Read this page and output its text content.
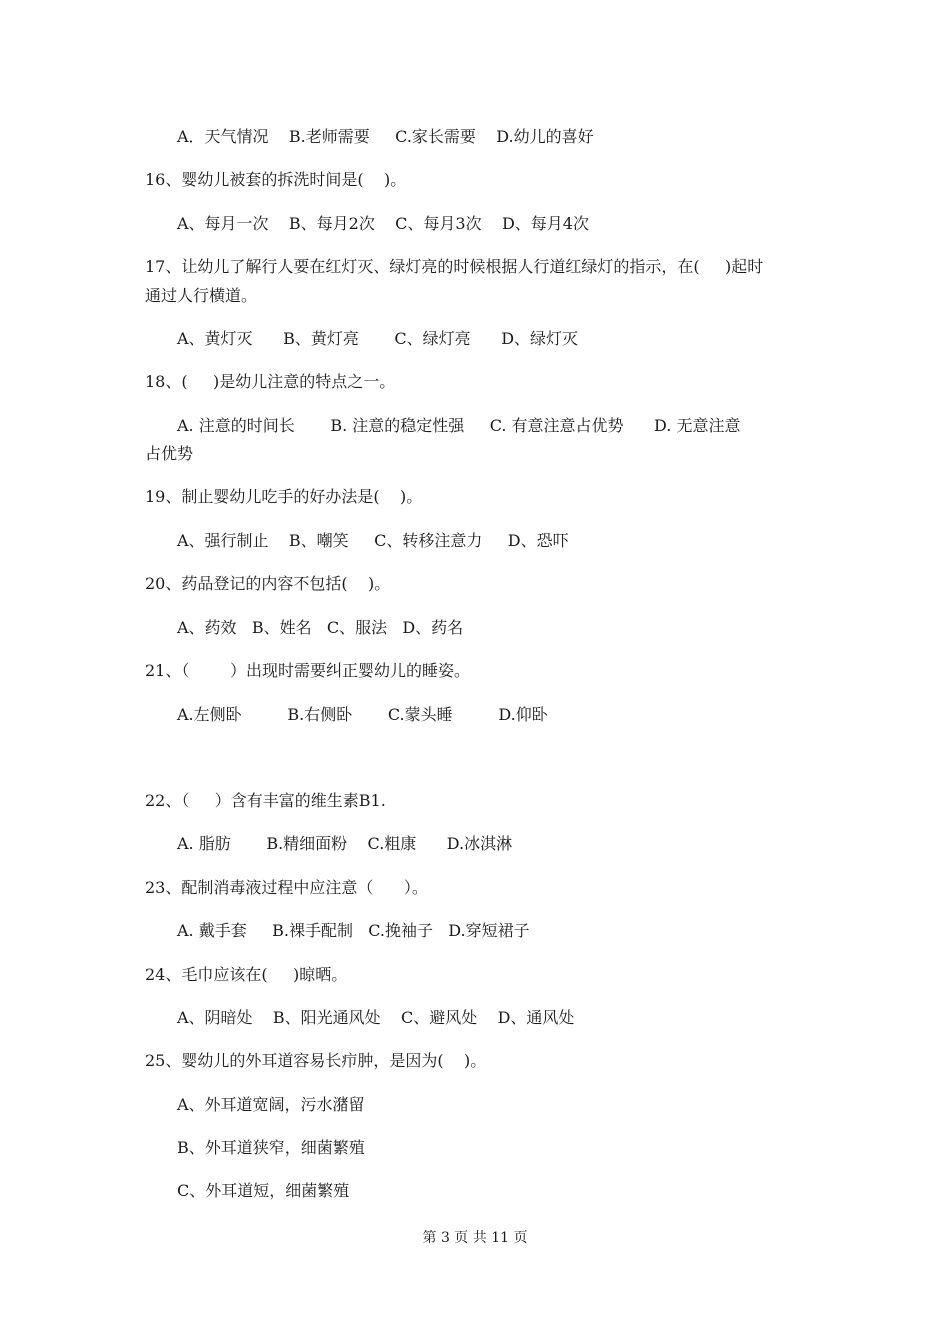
A．天气情况    B.老师需要     C.家长需要    D.幼儿的喜好
16、婴幼儿被套的拆洗时间是(    )。
A、每月一次    B、每月2次    C、每月3次    D、每月4次
17、让幼儿了解行人要在红灯灭、绿灯亮的时候根据人行道红绿灯的指示，在(     )起时
通过人行横道。
A、黄灯灭      B、黄灯亮       C、绿灯亮      D、绿灯灭
18、(     )是幼儿注意的特点之一。
A. 注意的时间长       B. 注意的稳定性强     C. 有意注意占优势      D. 无意注意
占优势
19、制止婴幼儿吃手的好办法是(    )。
A、强行制止    B、嘲笑     C、转移注意力     D、恐吓
20、药品登记的内容不包括(    )。
A、药效   B、姓名   C、服法   D、药名
21、（        ）出现时需要纠正婴幼儿的睡姿。
A.左侧卧         B.右侧卧       C.蒙头睡         D.仰卧
22、（     ）含有丰富的维生素B1.
A. 脂肪       B.精细面粉    C.粗康      D.冰淇淋
23、配制消毒液过程中应注意（      ）。
A. 戴手套     B.裸手配制   C.挽袖子   D.穿短裙子
24、毛巾应该在(     )晾晒。
A、阴暗处    B、阳光通风处    C、避风处    D、通风处
25、婴幼儿的外耳道容易长疖肿，是因为(    )。
A、外耳道宽阔，污水潴留
B、外耳道狭窄，细菌繁殖
C、外耳道短，细菌繁殖
第 3 页 共 11 页
